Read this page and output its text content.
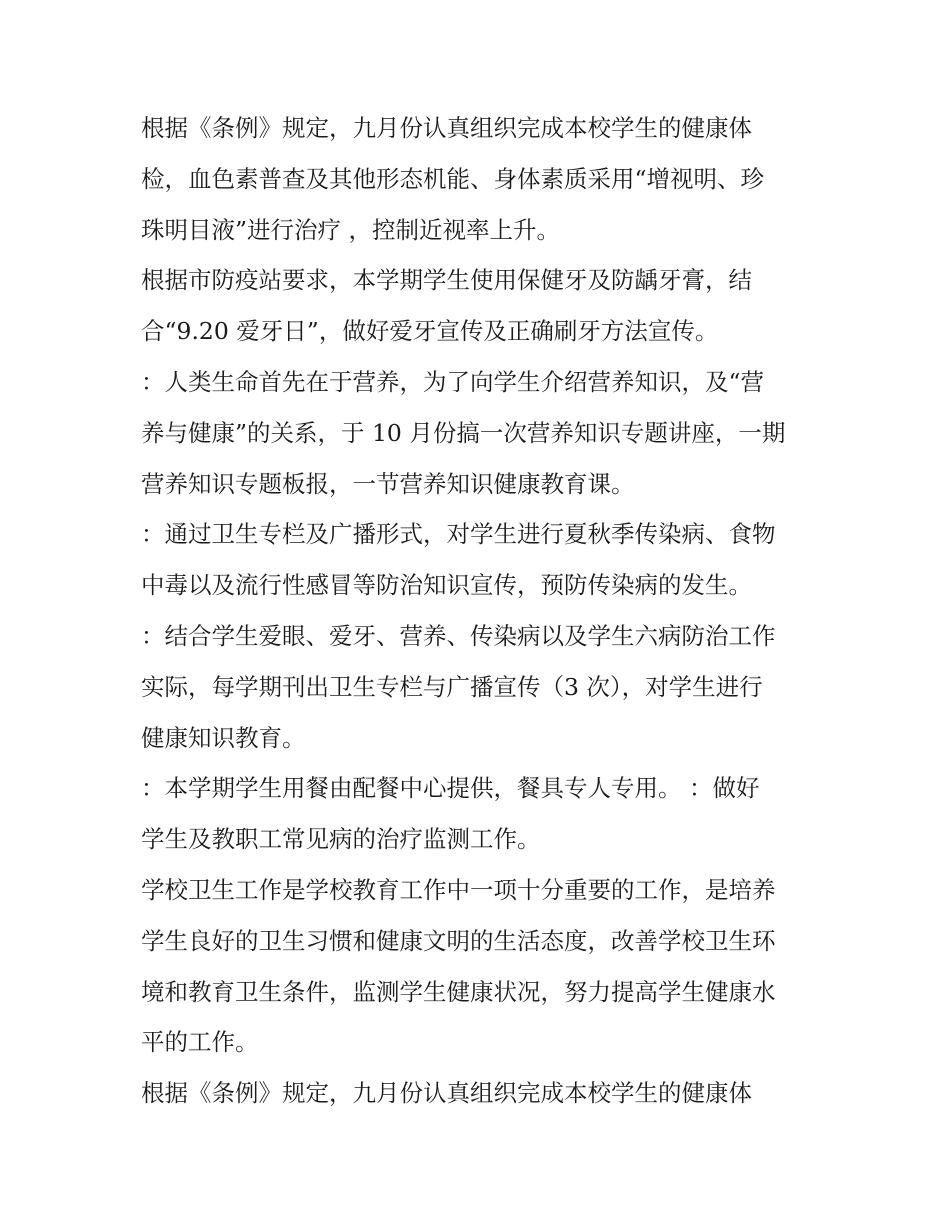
根据《条例》规定，九月份认真组织完成本校学生的健康体
检，血色素普查及其他形态机能、身体素质采用“增视明、珍
珠明目液”进行治疗 ，控制近视率上升。
根据市防疫站要求，本学期学生使用保健牙及防龋牙膏，结
合“9.20 爱牙日”，做好爱牙宣传及正确刷牙方法宣传。
：人类生命首先在于营养，为了向学生介绍营养知识，及“营
养与健康”的关系，于 10 月份搞一次营养知识专题讲座，一期
营养知识专题板报，一节营养知识健康教育课。
：通过卫生专栏及广播形式，对学生进行夏秋季传染病、食物
中毒以及流行性感冒等防治知识宣传，预防传染病的发生。
：结合学生爱眼、爱牙、营养、传染病以及学生六病防治工作
实际，每学期刊出卫生专栏与广播宣传（3 次），对学生进行
健康知识教育。
：本学期学生用餐由配餐中心提供，餐具专人专用。 ：做好
学生及教职工常见病的治疗监测工作。
学校卫生工作是学校教育工作中一项十分重要的工作，是培养
学生良好的卫生习惯和健康文明的生活态度，改善学校卫生环
境和教育卫生条件，监测学生健康状况，努力提高学生健康水
平的工作。
根据《条例》规定，九月份认真组织完成本校学生的健康体
